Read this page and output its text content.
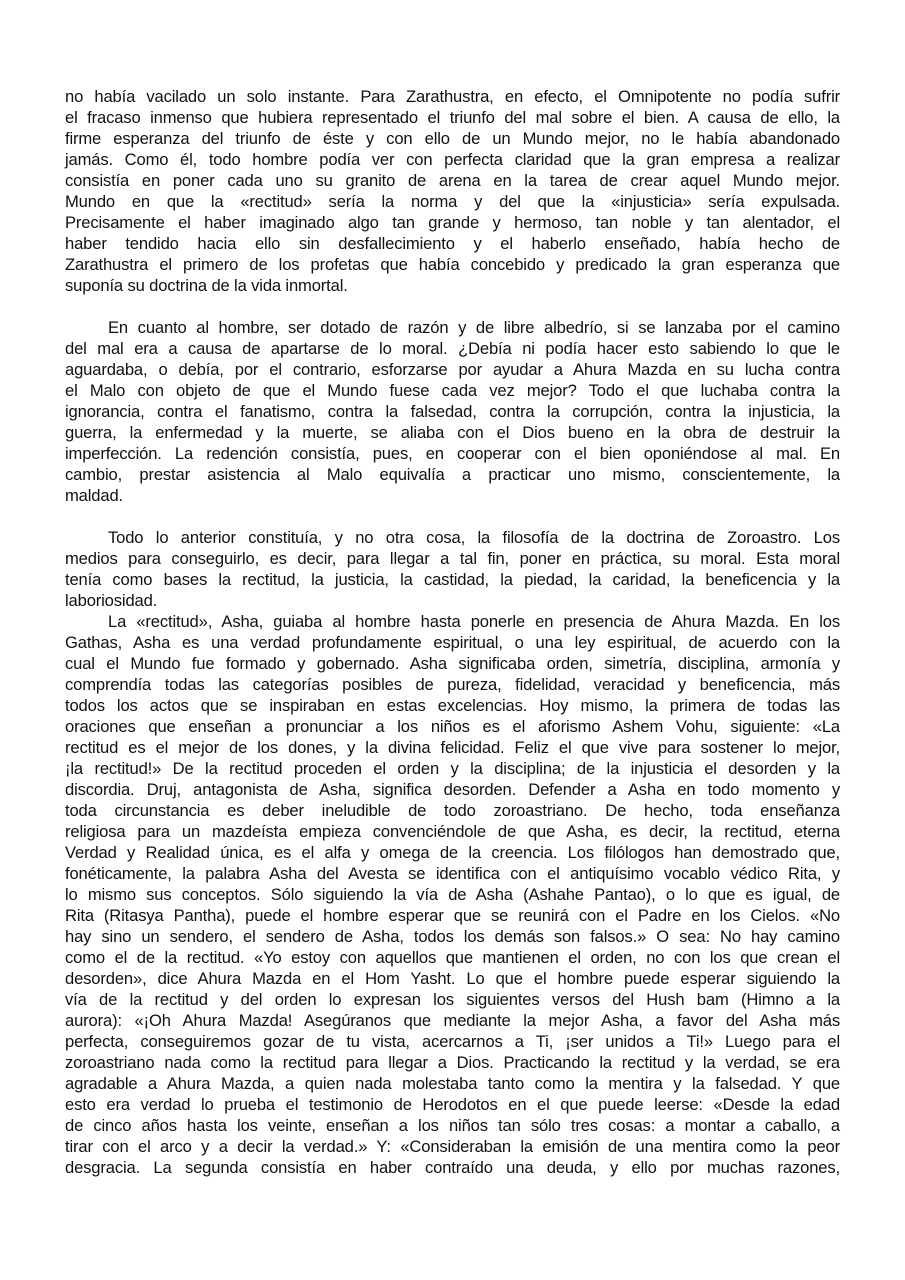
no había vacilado un solo instante. Para Zarathustra, en efecto, el Omnipotente no podía sufrir
el fracaso inmenso que hubiera representado el triunfo del mal sobre el bien. A causa de ello, la
firme esperanza del triunfo de éste y con ello de un Mundo mejor, no le había abandonado
jamás. Como él, todo hombre podía ver con perfecta claridad que la gran empresa a realizar
consistía en poner cada uno su granito de arena en la tarea de crear aquel Mundo mejor.
Mundo en que la «rectitud» sería la norma y del que la «injusticia» sería expulsada.
Precisamente el haber imaginado algo tan grande y hermoso, tan noble y tan alentador, el
haber tendido hacia ello sin desfallecimiento y el haberlo enseñado, había hecho de
Zarathustra el primero de los profetas que había concebido y predicado la gran esperanza que
suponía su doctrina de la vida inmortal.
En cuanto al hombre, ser dotado de razón y de libre albedrío, si se lanzaba por el camino
del mal era a causa de apartarse de lo moral. ¿Debía ni podía hacer esto sabiendo lo que le
aguardaba, o debía, por el contrario, esforzarse por ayudar a Ahura Mazda en su lucha contra
el Malo con objeto de que el Mundo fuese cada vez mejor? Todo el que luchaba contra la
ignorancia, contra el fanatismo, contra la falsedad, contra la corrupción, contra la injusticia, la
guerra, la enfermedad y la muerte, se aliaba con el Dios bueno en la obra de destruir la
imperfección. La redención consistía, pues, en cooperar con el bien oponiéndose al mal. En
cambio, prestar asistencia al Malo equivalía a practicar uno mismo, conscientemente, la
maldad.
Todo lo anterior constituía, y no otra cosa, la filosofía de la doctrina de Zoroastro. Los
medios para conseguirlo, es decir, para llegar a tal fin, poner en práctica, su moral. Esta moral
tenía como bases la rectitud, la justicia, la castidad, la piedad, la caridad, la beneficencia y la
laboriosidad.
La «rectitud», Asha, guiaba al hombre hasta ponerle en presencia de Ahura Mazda. En los
Gathas, Asha es una verdad profundamente espiritual, o una ley espiritual, de acuerdo con la
cual el Mundo fue formado y gobernado. Asha significaba orden, simetría, disciplina, armonía y
comprendía todas las categorías posibles de pureza, fidelidad, veracidad y beneficencia, más
todos los actos que se inspiraban en estas excelencias. Hoy mismo, la primera de todas las
oraciones que enseñan a pronunciar a los niños es el aforismo Ashem Vohu, siguiente: «La
rectitud es el mejor de los dones, y la divina felicidad. Feliz el que vive para sostener lo mejor,
¡la rectitud!» De la rectitud proceden el orden y la disciplina; de la injusticia el desorden y la
discordia. Druj, antagonista de Asha, significa desorden. Defender a Asha en todo momento y
toda circunstancia es deber ineludible de todo zoroastriano. De hecho, toda enseñanza
religiosa para un mazdeísta empieza convenciéndole de que Asha, es decir, la rectitud, eterna
Verdad y Realidad única, es el alfa y omega de la creencia. Los filólogos han demostrado que,
fonéticamente, la palabra Asha del Avesta se identifica con el antiquísimo vocablo védico Rita, y
lo mismo sus conceptos. Sólo siguiendo la vía de Asha (Ashahe Pantao), o lo que es igual, de
Rita (Ritasya Pantha), puede el hombre esperar que se reunirá con el Padre en los Cielos. «No
hay sino un sendero, el sendero de Asha, todos los demás son falsos.» O sea: No hay camino
como el de la rectitud. «Yo estoy con aquellos que mantienen el orden, no con los que crean el
desorden», dice Ahura Mazda en el Hom Yasht. Lo que el hombre puede esperar siguiendo la
vía de la rectitud y del orden lo expresan los siguientes versos del Hush bam (Himno a la
aurora): «¡Oh Ahura Mazda! Asegúranos que mediante la mejor Asha, a favor del Asha más
perfecta, conseguiremos gozar de tu vista, acercarnos a Ti, ¡ser unidos a Ti!» Luego para el
zoroastriano nada como la rectitud para llegar a Dios. Practicando la rectitud y la verdad, se era
agradable a Ahura Mazda, a quien nada molestaba tanto como la mentira y la falsedad. Y que
esto era verdad lo prueba el testimonio de Herodotos en el que puede leerse: «Desde la edad
de cinco años hasta los veinte, enseñan a los niños tan sólo tres cosas: a montar a caballo, a
tirar con el arco y a decir la verdad.» Y: «Consideraban la emisión de una mentira como la peor
desgracia. La segunda consistía en haber contraído una deuda, y ello por muchas razones,
